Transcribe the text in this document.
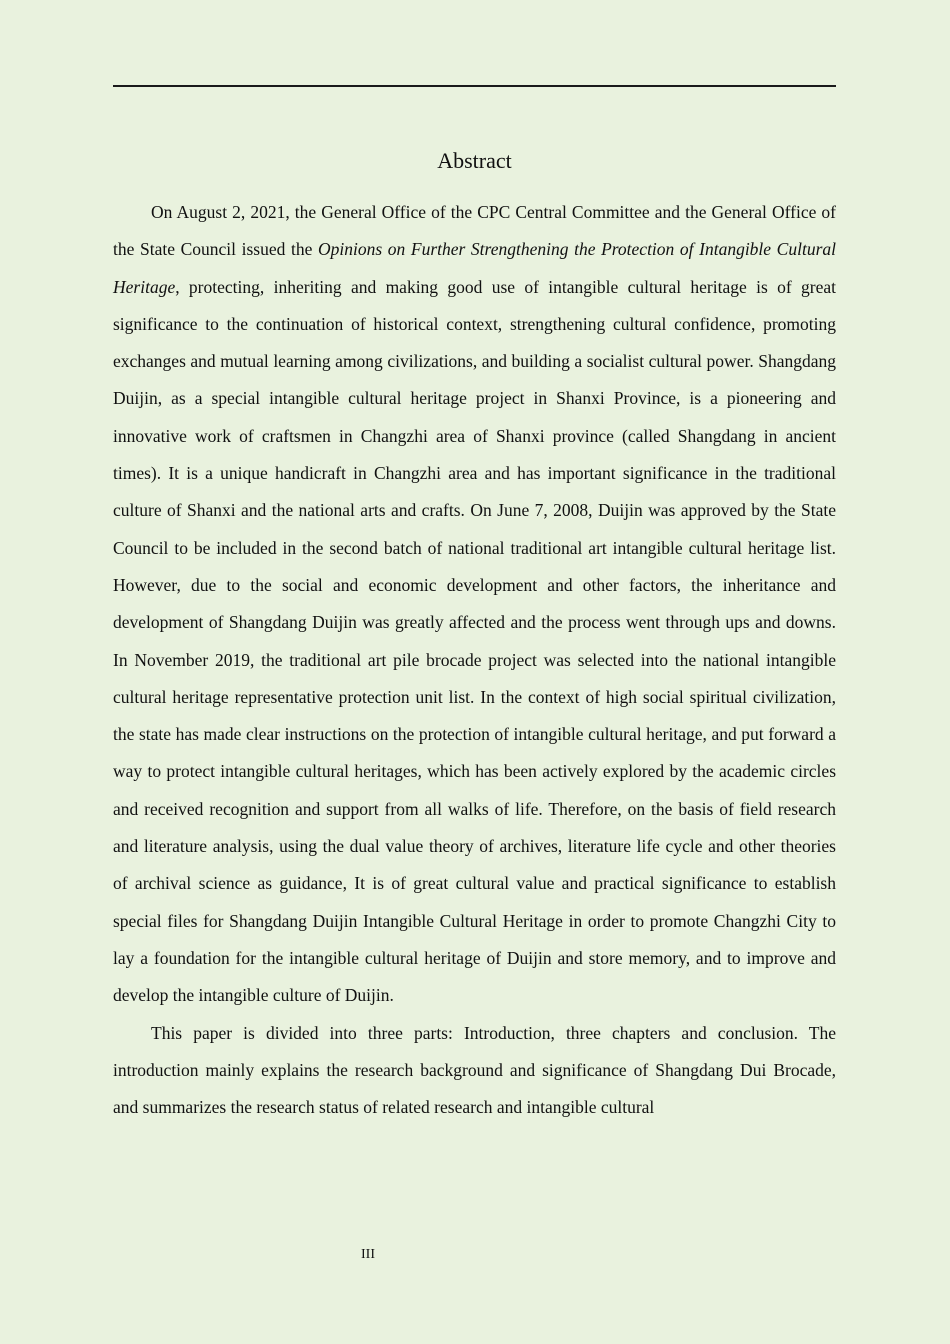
Abstract

On August 2, 2021, the General Office of the CPC Central Committee and the General Office of the State Council issued the Opinions on Further Strengthening the Protection of Intangible Cultural Heritage, protecting, inheriting and making good use of intangible cultural heritage is of great significance to the continuation of historical context, strengthening cultural confidence, promoting exchanges and mutual learning among civilizations, and building a socialist cultural power. Shangdang Duijin, as a special intangible cultural heritage project in Shanxi Province, is a pioneering and innovative work of craftsmen in Changzhi area of Shanxi province (called Shangdang in ancient times). It is a unique handicraft in Changzhi area and has important significance in the traditional culture of Shanxi and the national arts and crafts. On June 7, 2008, Duijin was approved by the State Council to be included in the second batch of national traditional art intangible cultural heritage list. However, due to the social and economic development and other factors, the inheritance and development of Shangdang Duijin was greatly affected and the process went through ups and downs. In November 2019, the traditional art pile brocade project was selected into the national intangible cultural heritage representative protection unit list. In the context of high social spiritual civilization, the state has made clear instructions on the protection of intangible cultural heritage, and put forward a way to protect intangible cultural heritages, which has been actively explored by the academic circles and received recognition and support from all walks of life. Therefore, on the basis of field research and literature analysis, using the dual value theory of archives, literature life cycle and other theories of archival science as guidance, It is of great cultural value and practical significance to establish special files for Shangdang Duijin Intangible Cultural Heritage in order to promote Changzhi City to lay a foundation for the intangible cultural heritage of Duijin and store memory, and to improve and develop the intangible culture of Duijin.

This paper is divided into three parts: Introduction, three chapters and conclusion. The introduction mainly explains the research background and significance of Shangdang Dui Brocade, and summarizes the research status of related research and intangible cultural

III
